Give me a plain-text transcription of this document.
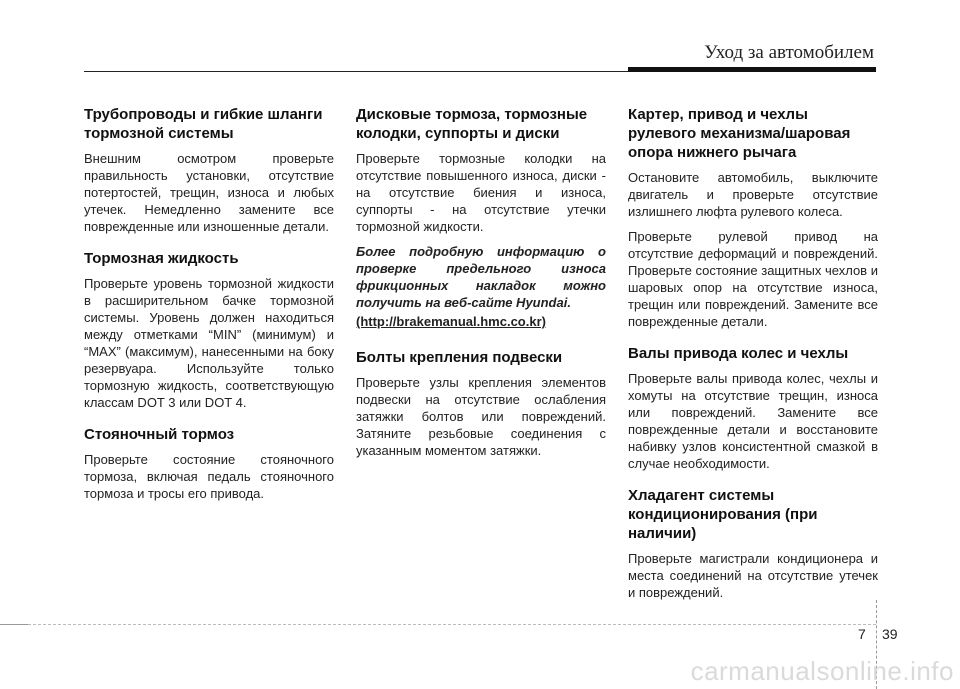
Уход за автомобилем
Трубопроводы и гибкие шланги тормозной системы

Внешним осмотром проверьте правильность установки, отсутствие потертостей, трещин, износа и любых утечек. Немедленно замените все поврежденные или изношенные детали.

Тормозная жидкость

Проверьте уровень тормозной жидкости в расширительном бачке тормозной системы. Уровень должен находиться между отметками “MIN” (минимум) и “MAX” (максимум), нанесенными на боку резервуара. Используйте только тормозную жидкость, соответствующую классам DOT 3 или DOT 4.

Стояночный тормоз

Проверьте состояние стояночного тормоза, включая педаль стояночного тормоза и тросы его привода.

Дисковые тормоза, тормозные колодки, суппорты и диски

Проверьте тормозные колодки на отсутствие повышенного износа, диски - на отсутствие биения и износа, суппорты - на отсутствие утечки тормозной жидкости.

Более подробную информацию о проверке предельного износа фрикционных накладок можно получить на веб-сайте Hyundai.

(http://brakemanual.hmc.co.kr)

Болты крепления подвески

Проверьте узлы крепления элементов подвески на отсутствие ослабления затяжки болтов или повреждений. Затяните резьбовые соединения с указанным моментом затяжки.

Картер, привод и чехлы рулевого механизма/шаровая опора нижнего рычага

Остановите автомобиль, выключите двигатель и проверьте отсутствие излишнего люфта рулевого колеса.

Проверьте рулевой привод на отсутствие деформаций и повреждений. Проверьте состояние защитных чехлов и шаровых опор на отсутствие износа, трещин или повреждений. Замените все поврежденные детали.

Валы привода колес и чехлы

Проверьте валы привода колес, чехлы и хомуты на отсутствие трещин, износа или повреждений. Замените все поврежденные детали и восстановите набивку узлов консистентной смазкой в случае необходимости.

Хладагент системы кондиционирования (при наличии)

Проверьте магистрали кондиционера и места соединений на отсутствие утечек и повреждений.

7 39
carmanualsonline.info
